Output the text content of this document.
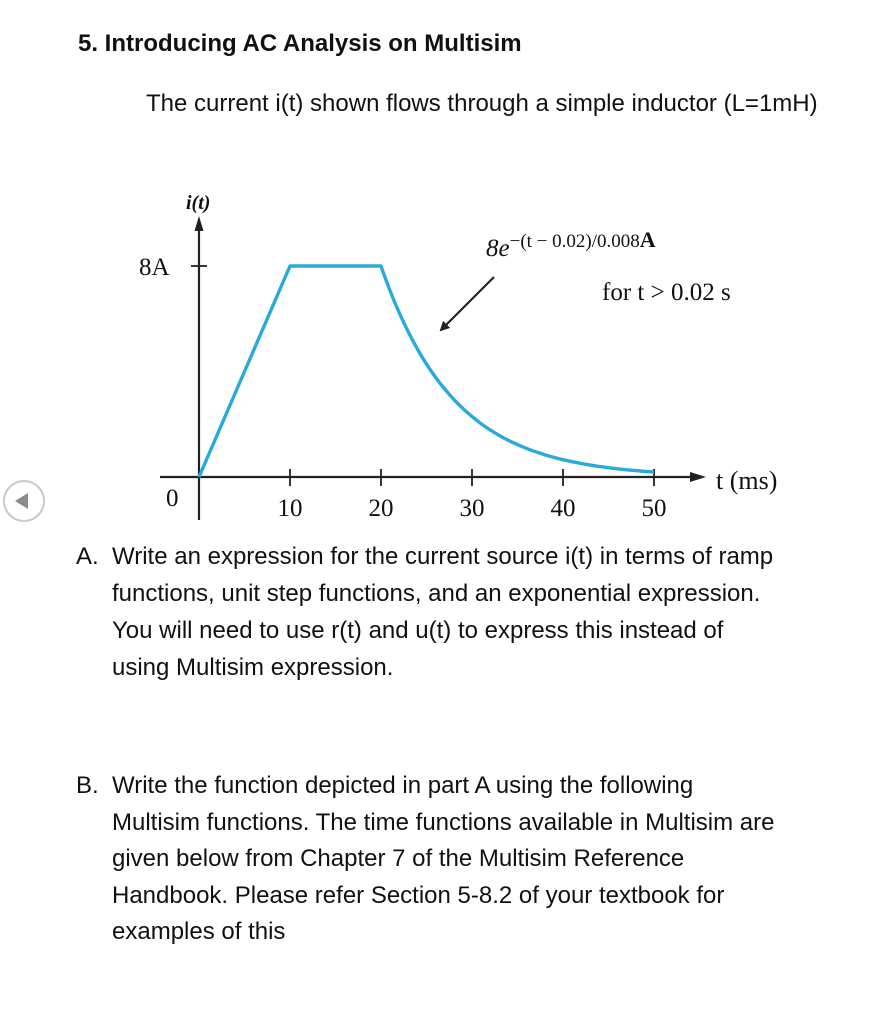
5. Introducing AC Analysis on Multisim
The current i(t) shown flows through a simple inductor (L=1mH)
8A
i(t)
0	10	20	30	40	50
t (ms)
$8e^{-(t - 0.02)/0.008}A$
for t > 0.02 s
A. Write an expression for the current source i(t) in terms of ramp functions, unit step functions, and an exponential expression. You will need to use r(t) and u(t) to express this instead of using Multisim expression.
B. Write the function depicted in part A using the following Multisim functions. The time functions available in Multisim are given below from Chapter 7 of the Multisim Reference Handbook. Please refer Section 5-8.2 of your textbook for examples of this
